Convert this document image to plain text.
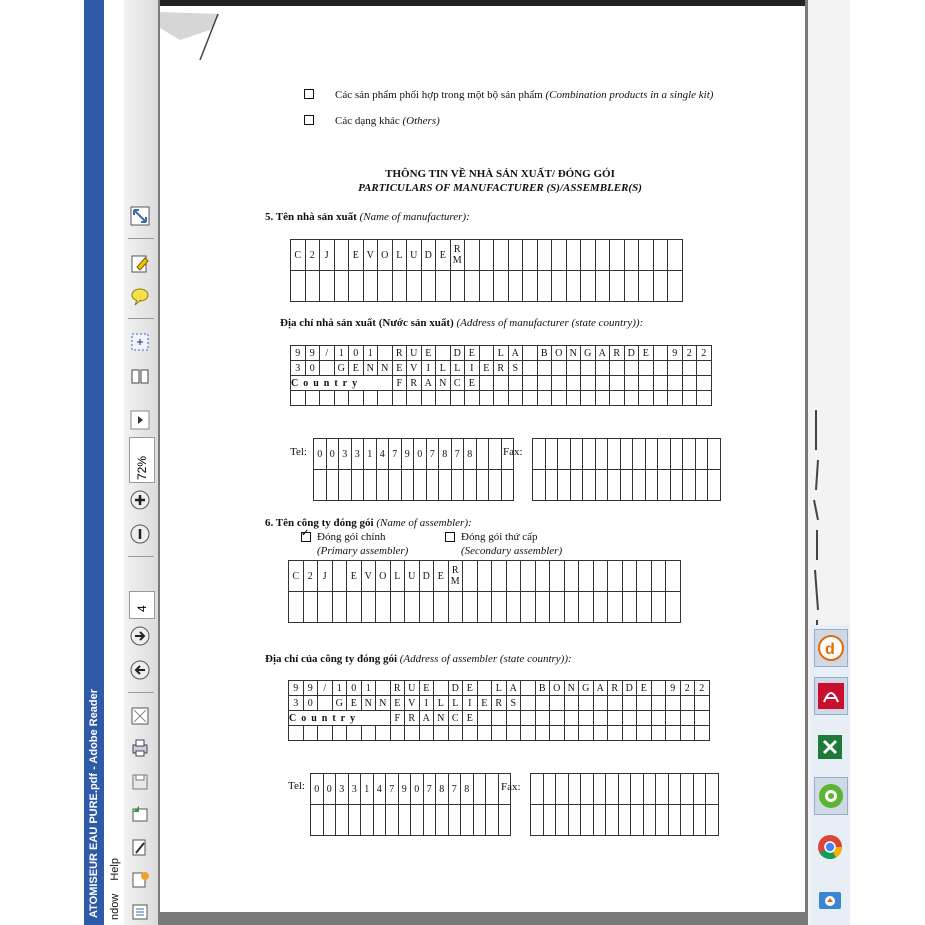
ATOMISEUR EAU PURE.pdf - Adobe Reader ndow Help
72%
4
Các sản phẩm phối hợp trong một bộ sản phẩm (Combination products in a single kit)
Các dạng khác (Others)
THÔNG TIN VỀ NHÀ SẢN XUẤT/ ĐÓNG GÓI
PARTICULARS OF MANUFACTURER (S)/ASSEMBLER(S)
5. Tên nhà sản xuất (Name of manufacturer):
C	2	J		E	V	O	L	U	D	E	R M															

Địa chỉ nhà sản xuất (Nước sản xuất) (Address of manufacturer (state country)):
9	9	/	1	0	1		R	U	E		D	E		L	A		B	O	N	G	A	R	D	E		9	2	2
3	0		G	E	N	N	E	V	I	L	L	I	E	R	S													
Country							F	R	A	N	C	E																

Tel: 0	0	3	3	1	4	7	9	0	7	8	7	8			
																Fax:

6. Tên công ty đóng gói (Name of assembler):
✓
Đóng gói chính
(Primary assembler)
Đóng gói thứ cấp
(Secondary assembler)
C	2	J		E	V	O	L	U	D	E	R M															

Địa chỉ của công ty đóng gói (Address of assembler (state country)):
9	9	/	1	0	1		R	U	E		D	E		L	A		B	O	N	G	A	R	D	E		9	2	2
3	0		G	E	N	N	E	V	I	L	L	I	E	R	S													
Country							F	R	A	N	C	E																

Tel: 0	0	3	3	1	4	7	9	0	7	8	7	8			
																Fax:

d
